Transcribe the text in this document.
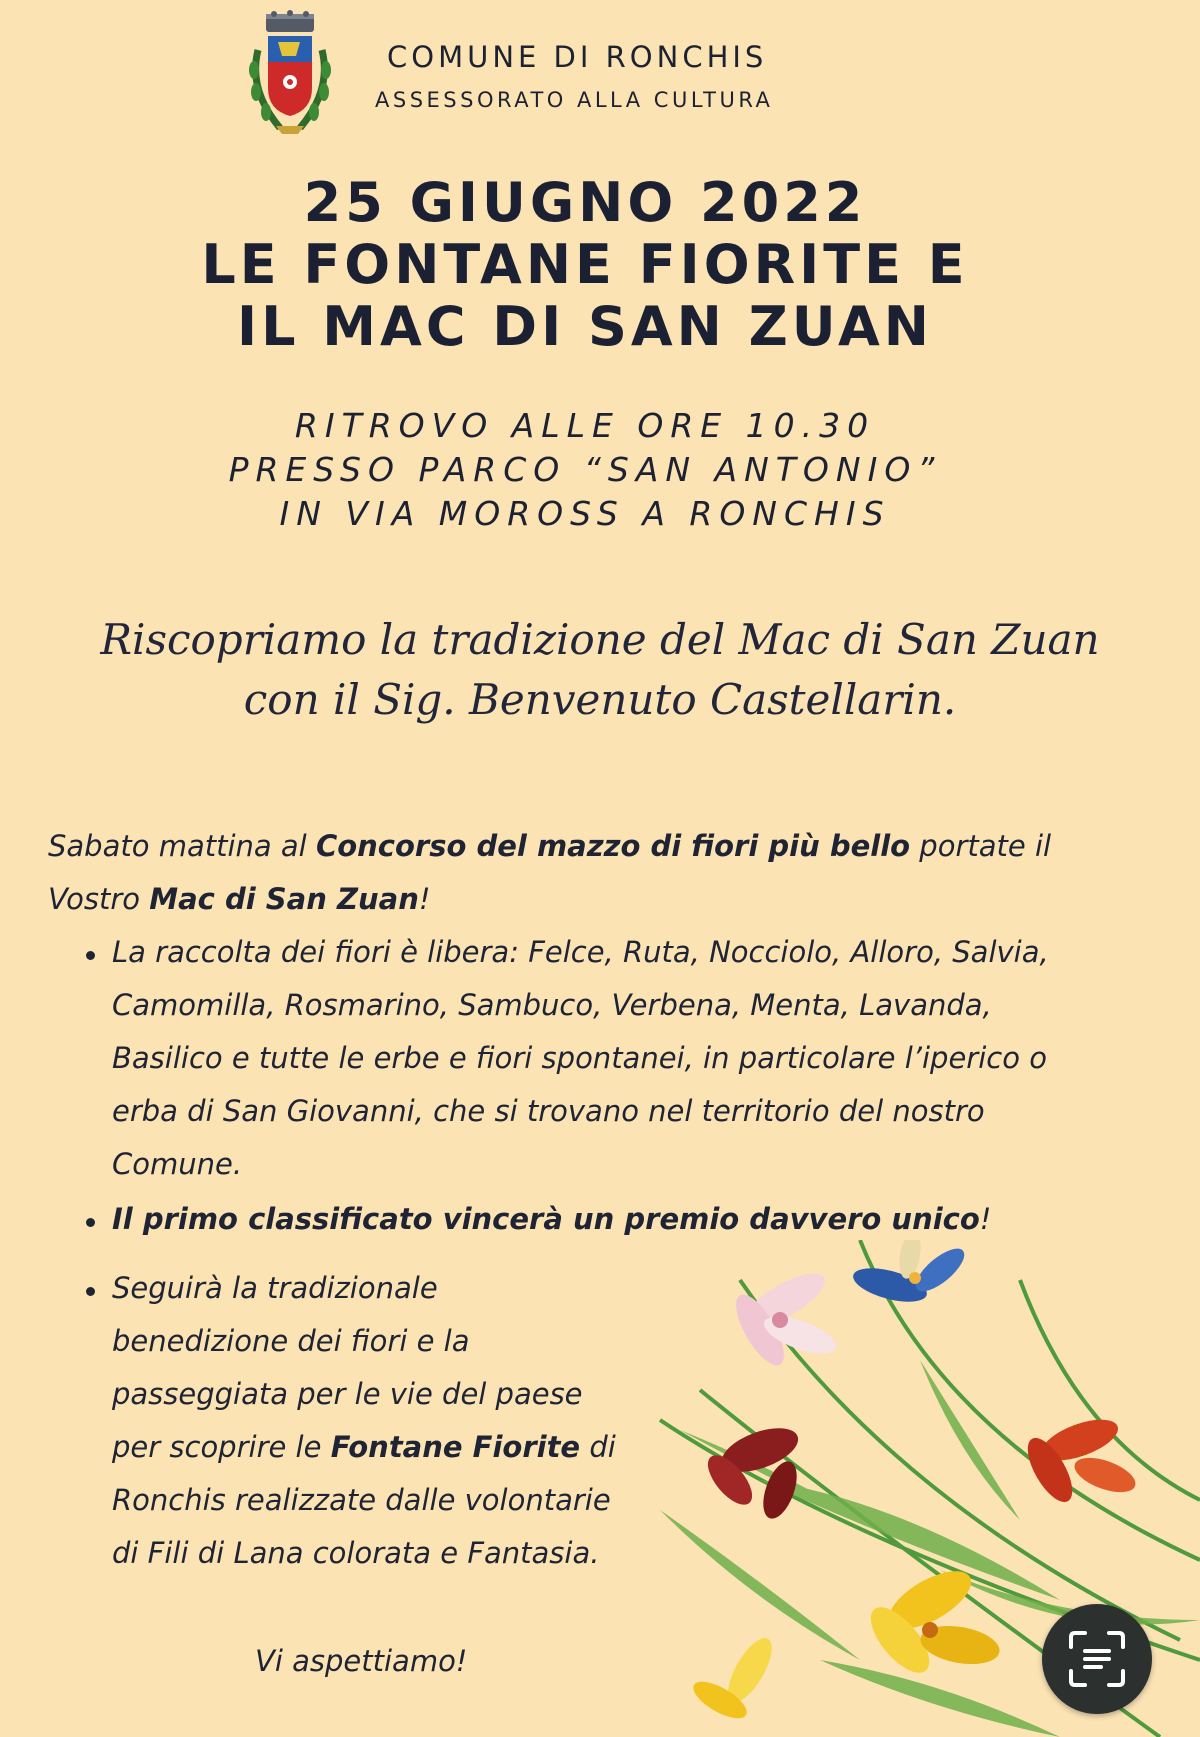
COMUNE DI RONCHIS
ASSESSORATO ALLA CULTURA
25 GIUGNO 2022
LE FONTANE FIORITE E
IL MAC DI SAN ZUAN
RITROVO ALLE ORE 10.30
PRESSO PARCO “SAN ANTONIO”
IN VIA MOROSS A RONCHIS
Riscopriamo la tradizione del Mac di San Zuan
con il Sig. Benvenuto Castellarin.
Sabato mattina al Concorso del mazzo di fiori più bello portate il
Vostro Mac di San Zuan!
La raccolta dei fiori è libera: Felce, Ruta, Nocciolo, Alloro, Salvia,
Camomilla, Rosmarino, Sambuco, Verbena, Menta, Lavanda,
Basilico e tutte le erbe e fiori spontanei, in particolare l’iperico o
erba di San Giovanni, che si trovano nel territorio del nostro
Comune.
Il primo classificato vincerà un premio davvero unico!
Seguirà la tradizionale
benedizione dei fiori e la
passeggiata per le vie del paese
per scoprire le Fontane Fiorite di
Ronchis realizzate dalle volontarie
di Fili di Lana colorata e Fantasia.
Vi aspettiamo!
